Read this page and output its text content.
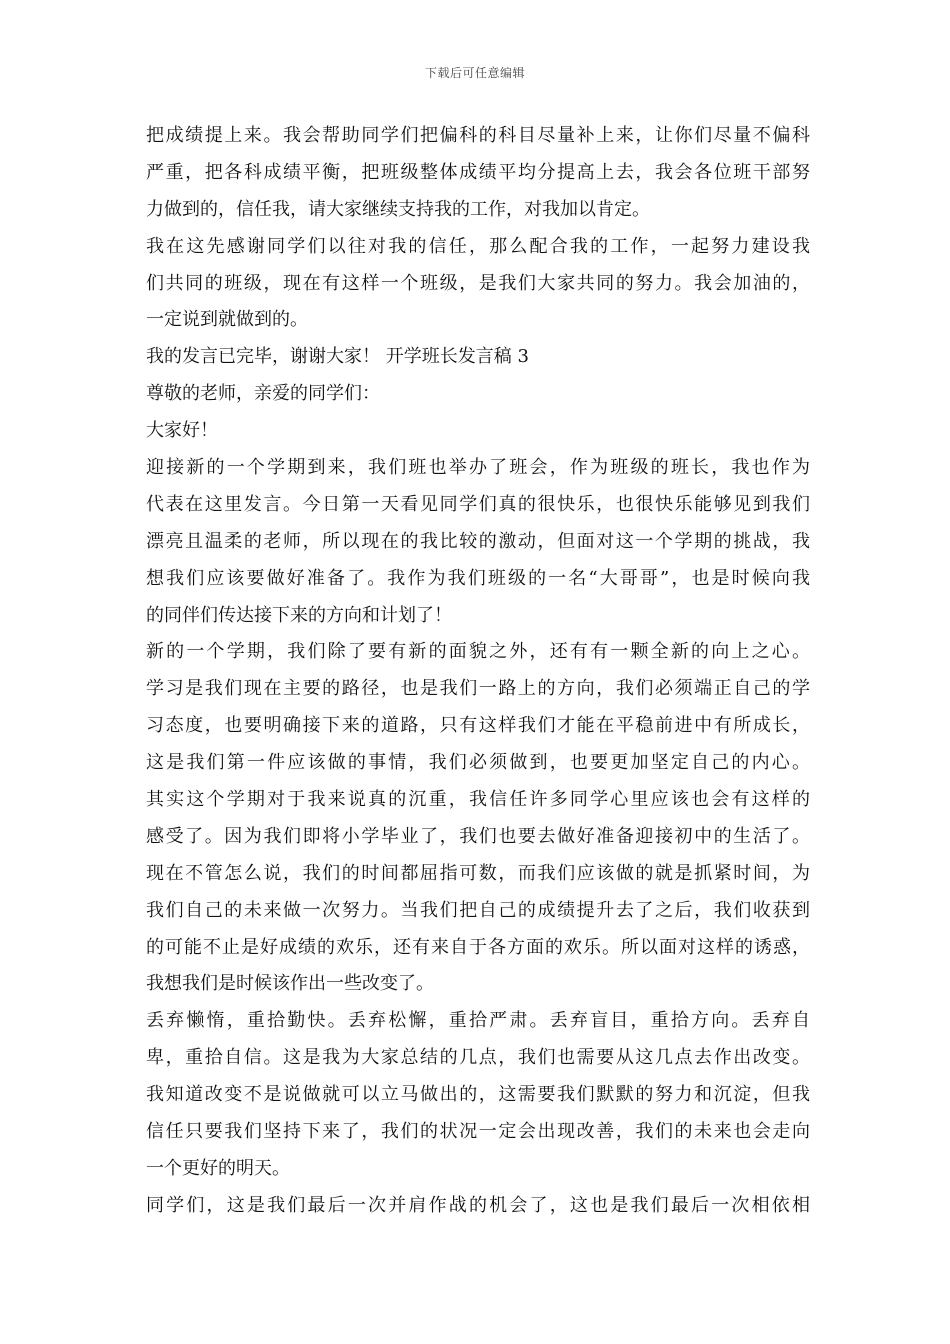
下载后可任意编辑
把成绩提上来。我会帮助同学们把偏科的科目尽量补上来，让你们尽量不偏科
严重，把各科成绩平衡，把班级整体成绩平均分提高上去，我会各位班干部努
力做到的，信任我，请大家继续支持我的工作，对我加以肯定。
我在这先感谢同学们以往对我的信任，那么配合我的工作，一起努力建设我
们共同的班级，现在有这样一个班级，是我们大家共同的努力。我会加油的，
一定说到就做到的。
我的发言已完毕，谢谢大家！ 开学班长发言稿 3
尊敬的老师，亲爱的同学们：
大家好！
迎接新的一个学期到来，我们班也举办了班会，作为班级的班长，我也作为
代表在这里发言。今日第一天看见同学们真的很快乐，也很快乐能够见到我们
漂亮且温柔的老师，所以现在的我比较的激动，但面对这一个学期的挑战，我
想我们应该要做好准备了。我作为我们班级的一名“大哥哥”，也是时候向我
的同伴们传达接下来的方向和计划了！
新的一个学期，我们除了要有新的面貌之外，还有有一颗全新的向上之心。
学习是我们现在主要的路径，也是我们一路上的方向，我们必须端正自己的学
习态度，也要明确接下来的道路，只有这样我们才能在平稳前进中有所成长，
这是我们第一件应该做的事情，我们必须做到，也要更加坚定自己的内心。
其实这个学期对于我来说真的沉重，我信任许多同学心里应该也会有这样的
感受了。因为我们即将小学毕业了，我们也要去做好准备迎接初中的生活了。
现在不管怎么说，我们的时间都屈指可数，而我们应该做的就是抓紧时间，为
我们自己的未来做一次努力。当我们把自己的成绩提升去了之后，我们收获到
的可能不止是好成绩的欢乐，还有来自于各方面的欢乐。所以面对这样的诱惑，
我想我们是时候该作出一些改变了。
丢弃懒惰，重拾勤快。丢弃松懈，重拾严肃。丢弃盲目，重拾方向。丢弃自
卑，重拾自信。这是我为大家总结的几点，我们也需要从这几点去作出改变。
我知道改变不是说做就可以立马做出的，这需要我们默默的努力和沉淀，但我
信任只要我们坚持下来了，我们的状况一定会出现改善，我们的未来也会走向
一个更好的明天。
同学们，这是我们最后一次并肩作战的机会了，这也是我们最后一次相依相
